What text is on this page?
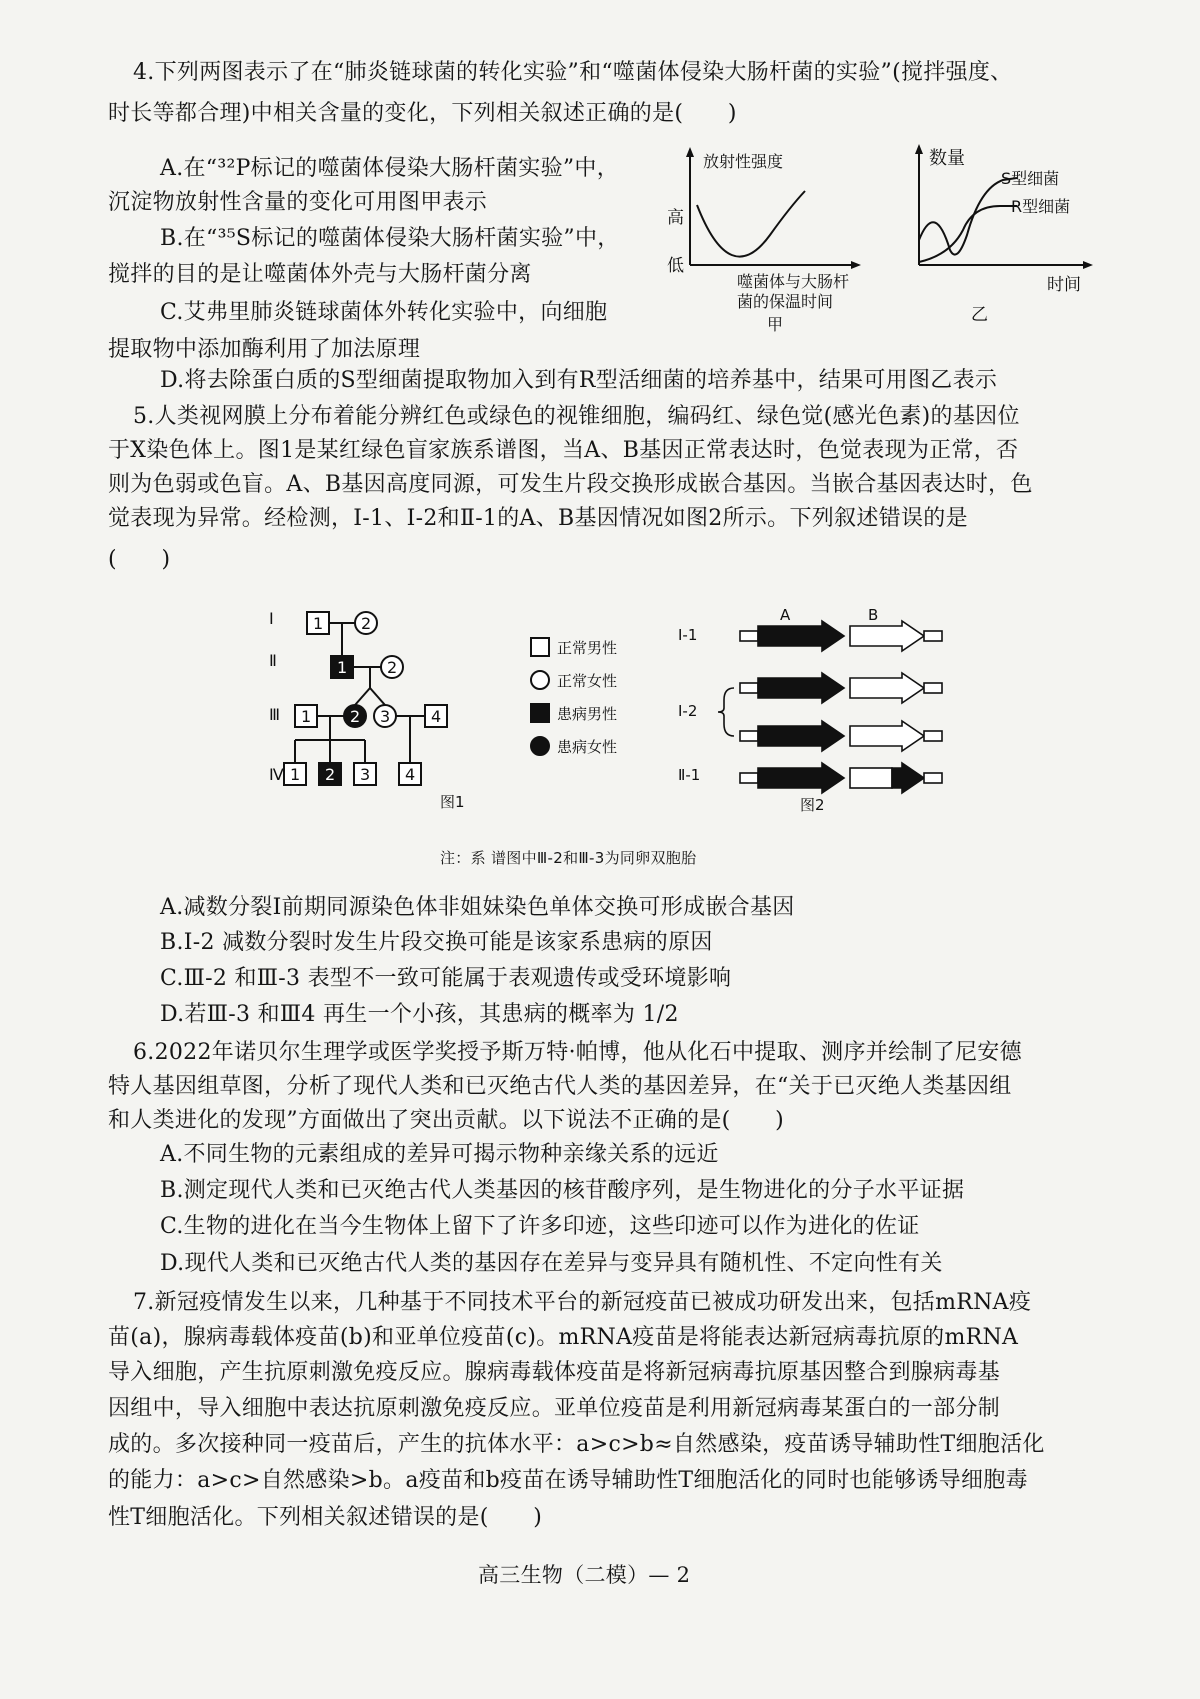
4.下列两图表示了在“肺炎链球菌的转化实验”和“噬菌体侵染大肠杆菌的实验”(搅拌强度、
时长等都合理)中相关含量的变化，下列相关叙述正确的是(　　)
A.在“³²P标记的噬菌体侵染大肠杆菌实验”中，
沉淀物放射性含量的变化可用图甲表示
B.在“³⁵S标记的噬菌体侵染大肠杆菌实验”中，
搅拌的目的是让噬菌体外壳与大肠杆菌分离
C.艾弗里肺炎链球菌体外转化实验中，向细胞
提取物中添加酶利用了加法原理
D.将去除蛋白质的S型细菌提取物加入到有R型活细菌的培养基中，结果可用图乙表示
放射性强度
高
低
噬菌体与大肠杆
菌的保温时间
甲
数量
S型细菌
R型细菌
时间
乙
5.人类视网膜上分布着能分辨红色或绿色的视锥细胞，编码红、绿色觉(感光色素)的基因位
于X染色体上。图1是某红绿色盲家族系谱图，当A、B基因正常表达时，色觉表现为正常，否
则为色弱或色盲。A、B基因高度同源，可发生片段交换形成嵌合基因。当嵌合基因表达时，色
觉表现为异常。经检测，Ⅰ-1、Ⅰ-2和Ⅱ-1的A、B基因情况如图2所示。下列叙述错误的是
(　　)
Ⅰ
Ⅱ
Ⅲ
Ⅳ
1 2
1 2
1 2 3	4
1 2 3 4
正常男性
正常女性
患病男性
患病女性
图1
A	B
Ⅰ-1
Ⅰ-2
Ⅱ-1
图2
注：系 谱图中Ⅲ-2和Ⅲ-3为同卵双胞胎
A.减数分裂Ⅰ前期同源染色体非姐妹染色单体交换可形成嵌合基因
B.Ⅰ-2 减数分裂时发生片段交换可能是该家系患病的原因
C.Ⅲ-2 和Ⅲ-3 表型不一致可能属于表观遗传或受环境影响
D.若Ⅲ-3 和Ⅲ4 再生一个小孩，其患病的概率为 1/2
6.2022年诺贝尔生理学或医学奖授予斯万特·帕博，他从化石中提取、测序并绘制了尼安德
特人基因组草图，分析了现代人类和已灭绝古代人类的基因差异，在“关于已灭绝人类基因组
和人类进化的发现”方面做出了突出贡献。以下说法不正确的是(　　)
A.不同生物的元素组成的差异可揭示物种亲缘关系的远近
B.测定现代人类和已灭绝古代人类基因的核苷酸序列，是生物进化的分子水平证据
C.生物的进化在当今生物体上留下了许多印迹，这些印迹可以作为进化的佐证
D.现代人类和已灭绝古代人类的基因存在差异与变异具有随机性、不定向性有关
7.新冠疫情发生以来，几种基于不同技术平台的新冠疫苗已被成功研发出来，包括mRNA疫
苗(a)，腺病毒载体疫苗(b)和亚单位疫苗(c)。mRNA疫苗是将能表达新冠病毒抗原的mRNA
导入细胞，产生抗原刺激免疫反应。腺病毒载体疫苗是将新冠病毒抗原基因整合到腺病毒基
因组中，导入细胞中表达抗原刺激免疫反应。亚单位疫苗是利用新冠病毒某蛋白的一部分制
成的。多次接种同一疫苗后，产生的抗体水平：a>c>b≈自然感染，疫苗诱导辅助性T细胞活化
的能力：a>c>自然感染>b。a疫苗和b疫苗在诱导辅助性T细胞活化的同时也能够诱导细胞毒
性T细胞活化。下列相关叙述错误的是(　　)
高三生物（二模）— 2
